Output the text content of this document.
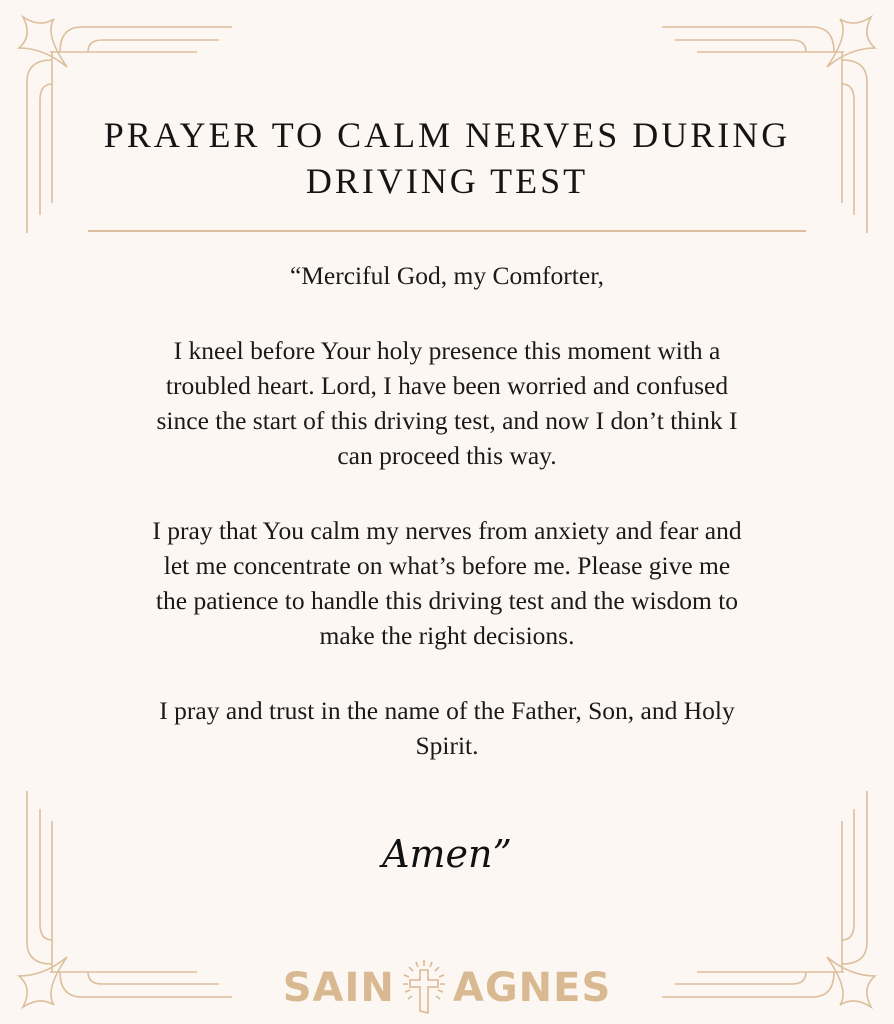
PRAYER TO CALM NERVES DURING
DRIVING TEST
“Merciful God, my Comforter,
I kneel before Your holy presence this moment with a
troubled heart. Lord, I have been worried and confused
since the start of this driving test, and now I don’t think I
can proceed this way.
I pray that You calm my nerves from anxiety and fear and
let me concentrate on what’s before me. Please give me
the patience to handle this driving test and the wisdom to
make the right decisions.
I pray and trust in the name of the Father, Son, and Holy
Spirit.
Amen”
SAIN AGNES
